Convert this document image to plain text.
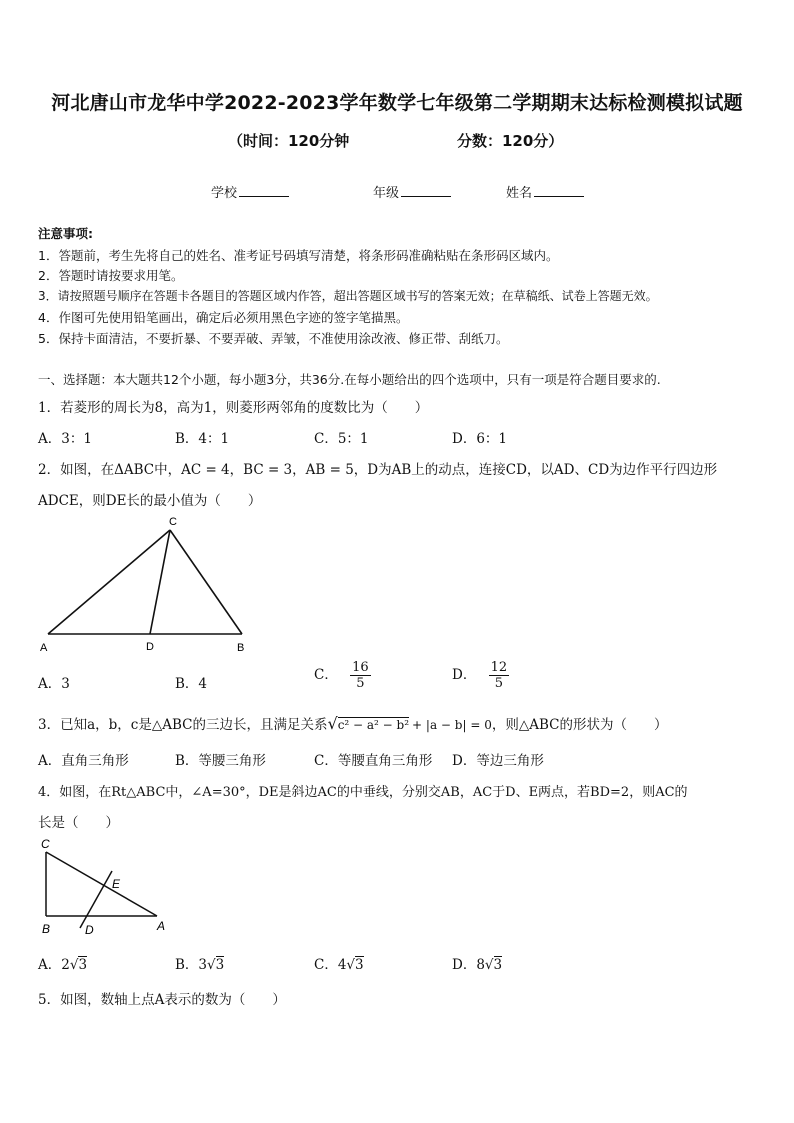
河北唐山市龙华中学2022-2023学年数学七年级第二学期期末达标检测模拟试题
（时间：120分钟	分数：120分）
学校	年级	姓名
注意事项:
1．答题前，考生先将自己的姓名、准考证号码填写清楚，将条形码准确粘贴在条形码区域内。
2．答题时请按要求用笔。
3．请按照题号顺序在答题卡各题目的答题区域内作答，超出答题区域书写的答案无效；在草稿纸、试卷上答题无效。
4．作图可先使用铅笔画出，确定后必须用黑色字迹的签字笔描黑。
5．保持卡面清洁，不要折暴、不要弄破、弄皱，不准使用涂改液、修正带、刮纸刀。
一、选择题：本大题共12个小题，每小题3分，共36分.在每小题给出的四个选项中，只有一项是符合题目要求的.
1．若菱形的周长为8，高为1，则菱形两邻角的度数比为（　　）
A．3：1	B．4：1	C．5：1	D．6：1
2．如图，在ΔABC中，AC = 4，BC = 3，AB = 5，D为AB上的动点，连接CD，以AD、CD为边作平行四边形
ADCE，则DE长的最小值为（　　）
C
A	D	B
A．3	B．4
C． $\frac{16}{5}$	D． $\frac{12}{5}$
3．已知a，b，c是△ABC的三边长，且满足关系√c² − a² − b² + |a − b| = 0，则△ABC的形状为（　　）
A．直角三角形	B．等腰三角形	C．等腰直角三角形 D．等边三角形
4．如图，在Rt△ABC中，∠A=30°，DE是斜边AC的中垂线，分别交AB，AC于D、E两点，若BD=2，则AC的
长是（　　）
C
E
B	D	A
A．2√3	B．3√3	C．4√3	D．8√3
5．如图，数轴上点A表示的数为（　　）
